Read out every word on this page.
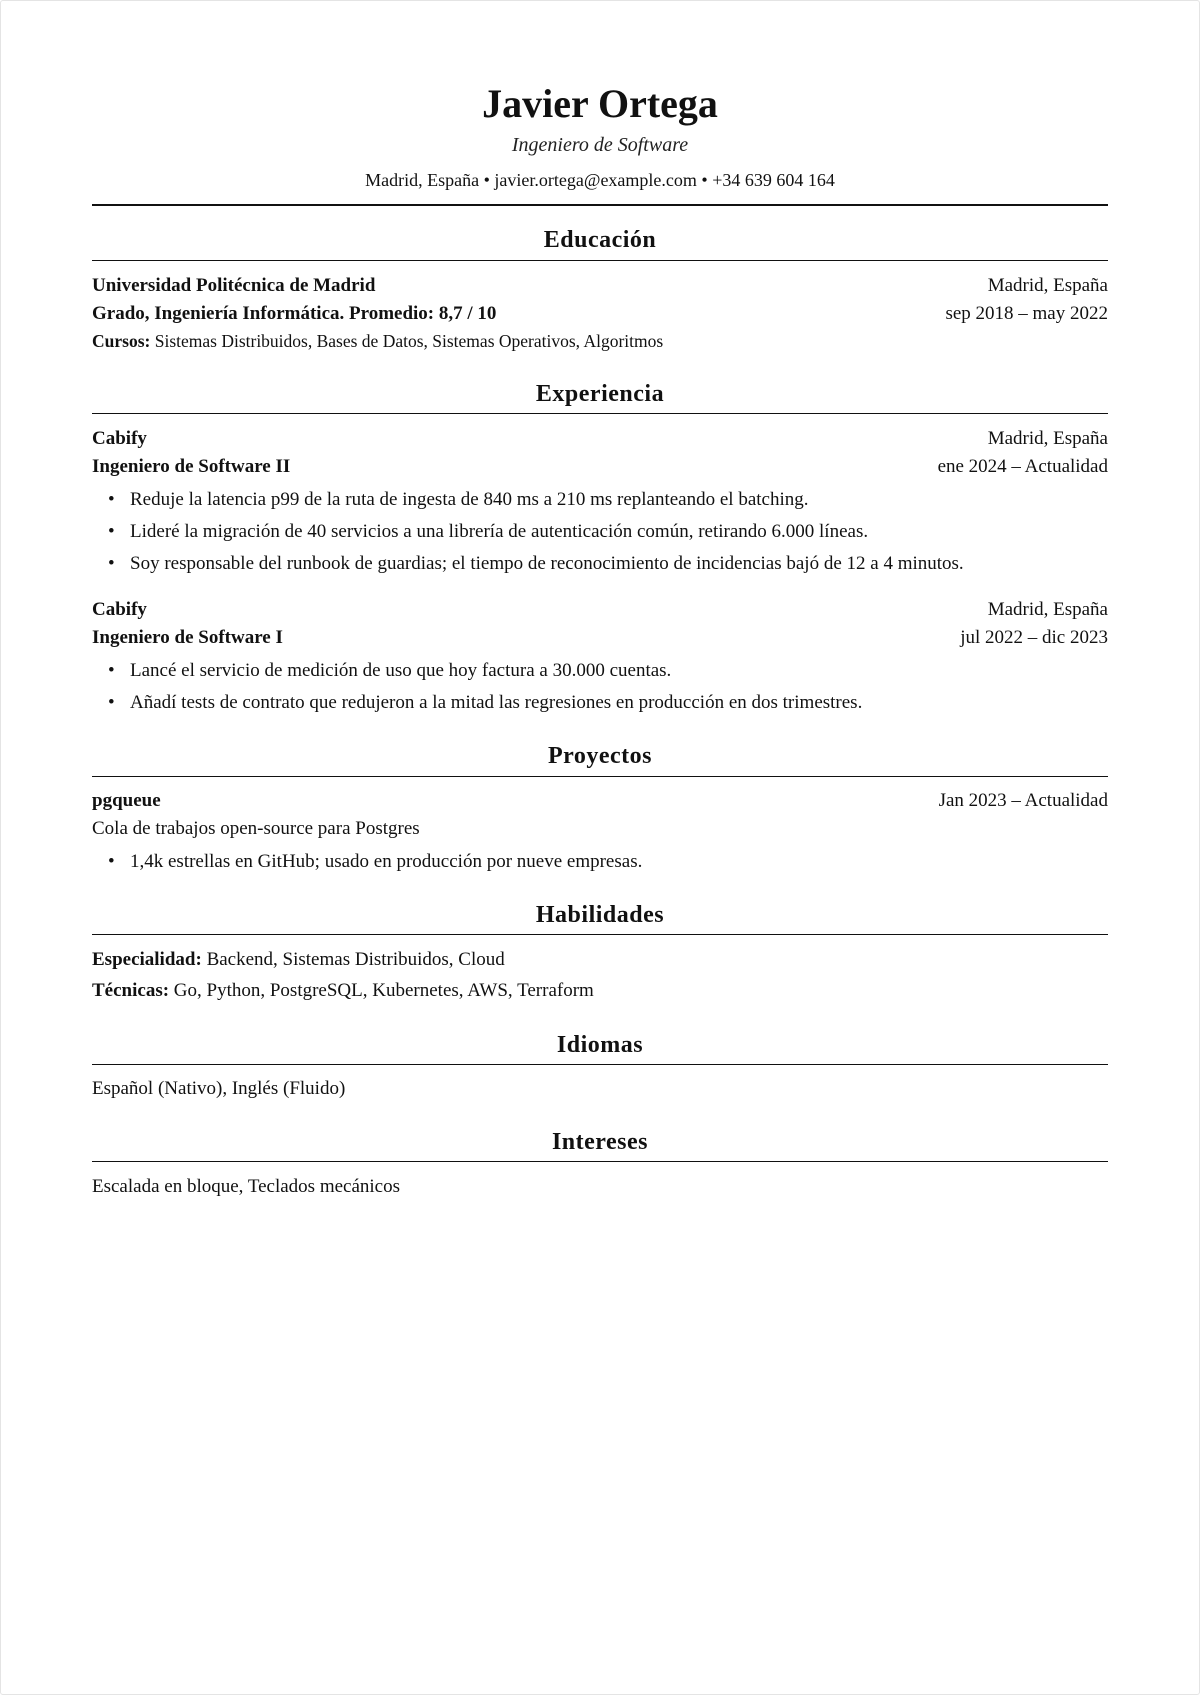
Javier Ortega
Ingeniero de Software
Madrid, España • javier.ortega@example.com • +34 639 604 164
Educación
Universidad Politécnica de Madrid	Madrid, España
Grado, Ingeniería Informática. Promedio: 8,7 / 10	sep 2018 – may 2022
Cursos:
Sistemas Distribuidos, Bases de Datos, Sistemas Operativos, Algoritmos
Experiencia
Cabify	Madrid, España
Ingeniero de Software II	ene 2024 – Actualidad
• Reduje la latencia p99 de la ruta de ingesta de 840 ms a 210 ms replanteando el batching.
• Lideré la migración de 40 servicios a una librería de autenticación común, retirando 6.000 líneas.
• Soy responsable del runbook de guardias; el tiempo de reconocimiento de incidencias bajó de 12 a 4 minutos.
Cabify	Madrid, España
Ingeniero de Software I	jul 2022 – dic 2023
• Lancé el servicio de medición de uso que hoy factura a 30.000 cuentas.
• Añadí tests de contrato que redujeron a la mitad las regresiones en producción en dos trimestres.
Proyectos
pgqueue	Jan 2023 – Actualidad
Cola de trabajos open-source para Postgres
• 1,4k estrellas en GitHub; usado en producción por nueve empresas.
Habilidades
Especialidad:
Backend, Sistemas Distribuidos, Cloud
Técnicas:
Go, Python, PostgreSQL, Kubernetes, AWS, Terraform
Idiomas
Español (Nativo), Inglés (Fluido)
Intereses
Escalada en bloque, Teclados mecánicos
